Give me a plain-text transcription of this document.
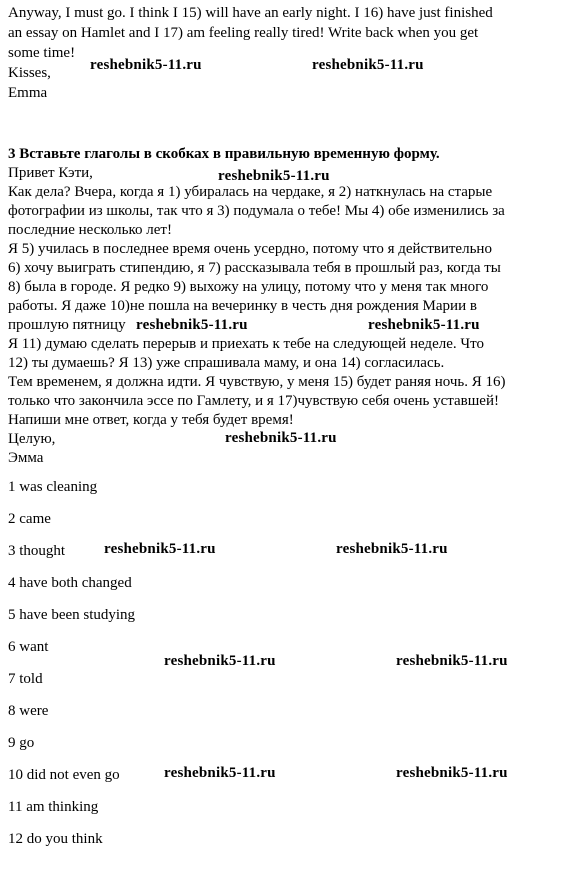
Anyway, I must go. I think I 15) will have an early night. I 16) have just finished
an essay on Hamlet and I 17) am feeling really tired! Write back when you get
some time!
Kisses,
Emma
3 Вставьте глаголы в скобках в правильную временную форму.
Привет Кэти,
Как дела? Вчера, когда я 1) убиралась на чердаке, я 2) наткнулась на старые
фотографии из школы, так что я 3) подумала о тебе! Мы 4) обе изменились за
последние несколько лет!
Я 5) училась в последнее время очень усердно, потому что я действительно
6) хочу выиграть стипендию, я 7) рассказывала тебя в прошлый раз, когда ты
8) была в городе. Я редко 9) выхожу на улицу, потому что у меня так много
работы. Я даже 10)не пошла на вечеринку в честь дня рождения Марии в
прошлую пятницу
Я 11) думаю сделать перерыв и приехать к тебе на следующей неделе. Что
12) ты думаешь? Я 13) уже спрашивала маму, и она 14) согласилась.
Тем временем, я должна идти. Я чувствую, у меня 15) будет раняя ночь. Я 16)
только что закончила эссе по Гамлету, и я 17)чувствую себя очень уставшей!
Напиши мне ответ, когда у тебя будет время!
Целую,
Эмма
1 was cleaning
2 came
3 thought
4 have both changed
5 have been studying
6 want
7 told
8 were
9 go
10 did not even go
11 am thinking
12 do you think
reshebnik5-11.ru	reshebnik5-11.ru
reshebnik5-11.ru
reshebnik5-11.ru	reshebnik5-11.ru
reshebnik5-11.ru
reshebnik5-11.ru	reshebnik5-11.ru
reshebnik5-11.ru	reshebnik5-11.ru
reshebnik5-11.ru	reshebnik5-11.ru
